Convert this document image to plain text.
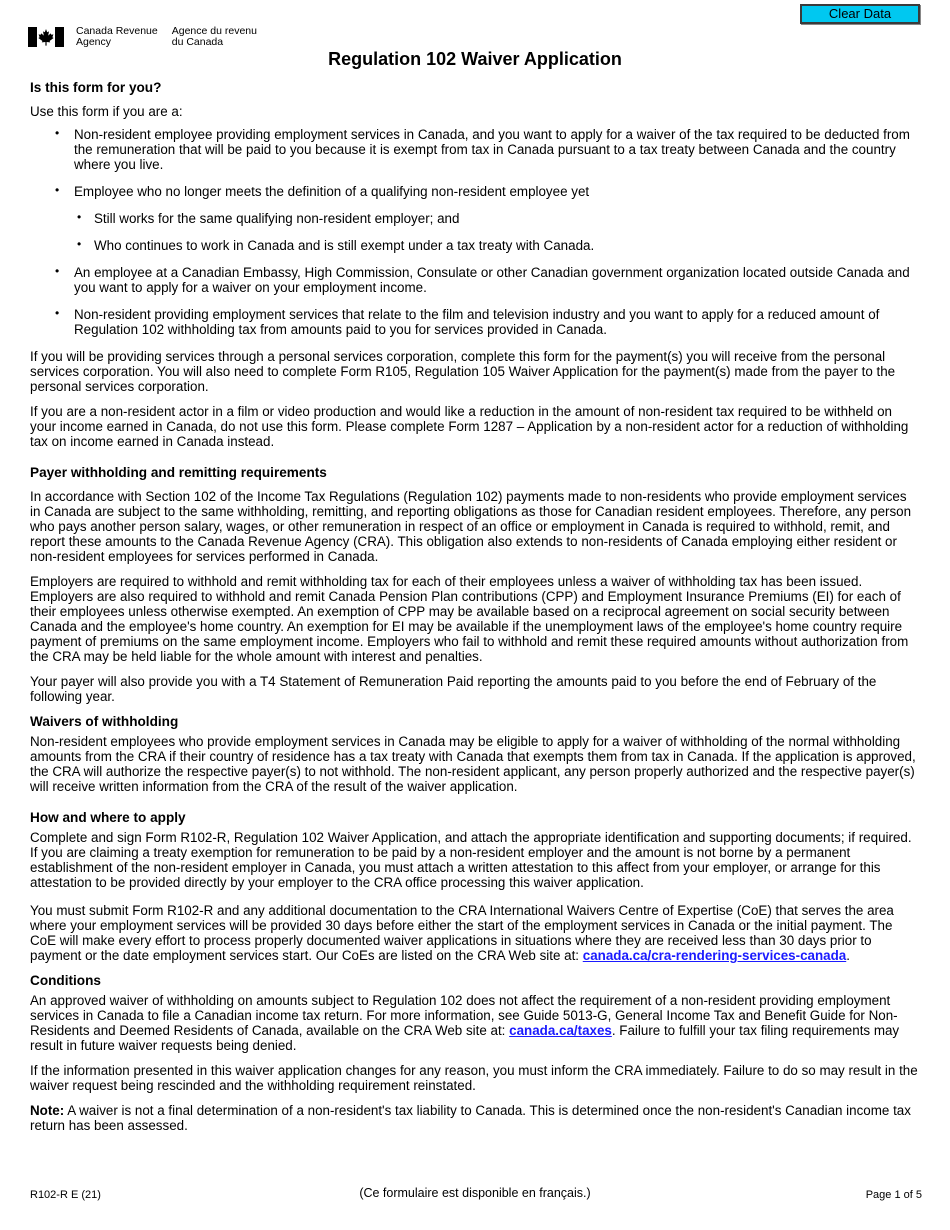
Canada Revenue
Agency
Agence du revenu
du Canada
Clear Data
Regulation 102 Waiver Application
Is this form for you?

Use this form if you are a:

• Non-resident employee providing employment services in Canada, and you want to apply for a waiver of the tax required to be deducted from the remuneration that will be paid to you because it is exempt from tax in Canada pursuant to a tax treaty between Canada and the country where you live.
• Employee who no longer meets the definition of a qualifying non-resident employee yet
• Still works for the same qualifying non-resident employer; and
• Who continues to work in Canada and is still exempt under a tax treaty with Canada.
• An employee at a Canadian Embassy, High Commission, Consulate or other Canadian government organization located outside Canada and you want to apply for a waiver on your employment income.
• Non-resident providing employment services that relate to the film and television industry and you want to apply for a reduced amount of Regulation 102 withholding tax from amounts paid to you for services provided in Canada.

If you will be providing services through a personal services corporation, complete this form for the payment(s) you will receive from the personal services corporation. You will also need to complete Form R105, Regulation 105 Waiver Application for the payment(s) made from the payer to the personal services corporation.

If you are a non-resident actor in a film or video production and would like a reduction in the amount of non-resident tax required to be withheld on your income earned in Canada, do not use this form. Please complete Form 1287 – Application by a non-resident actor for a reduction of withholding tax on income earned in Canada instead.

Payer withholding and remitting requirements

In accordance with Section 102 of the Income Tax Regulations (Regulation 102) payments made to non-residents who provide employment services in Canada are subject to the same withholding, remitting, and reporting obligations as those for Canadian resident employees. Therefore, any person who pays another person salary, wages, or other remuneration in respect of an office or employment in Canada is required to withhold, remit, and report these amounts to the Canada Revenue Agency (CRA). This obligation also extends to non-residents of Canada employing either resident or non-resident employees for services performed in Canada.

Employers are required to withhold and remit withholding tax for each of their employees unless a waiver of withholding tax has been issued. Employers are also required to withhold and remit Canada Pension Plan contributions (CPP) and Employment Insurance Premiums (EI) for each of their employees unless otherwise exempted. An exemption of CPP may be available based on a reciprocal agreement on social security between Canada and the employee's home country. An exemption for EI may be available if the unemployment laws of the employee's home country require payment of premiums on the same employment income. Employers who fail to withhold and remit these required amounts without authorization from the CRA may be held liable for the whole amount with interest and penalties.

Your payer will also provide you with a T4 Statement of Remuneration Paid reporting the amounts paid to you before the end of February of the following year.

Waivers of withholding

Non-resident employees who provide employment services in Canada may be eligible to apply for a waiver of withholding of the normal withholding amounts from the CRA if their country of residence has a tax treaty with Canada that exempts them from tax in Canada. If the application is approved, the CRA will authorize the respective payer(s) to not withhold. The non-resident applicant, any person properly authorized and the respective payer(s) will receive written information from the CRA of the result of the waiver application.

How and where to apply

Complete and sign Form R102-R, Regulation 102 Waiver Application, and attach the appropriate identification and supporting documents; if required. If you are claiming a treaty exemption for remuneration to be paid by a non-resident employer and the amount is not borne by a permanent establishment of the non-resident employer in Canada, you must attach a written attestation to this affect from your employer, or arrange for this attestation to be provided directly by your employer to the CRA office processing this waiver application.

You must submit Form R102-R and any additional documentation to the CRA International Waivers Centre of Expertise (CoE) that serves the area where your employment services will be provided 30 days before either the start of the employment services in Canada or the initial payment. The CoE will make every effort to process properly documented waiver applications in situations where they are received less than 30 days prior to payment or the date employment services start. Our CoEs are listed on the CRA Web site at: canada.ca/cra-rendering-services-canada.

Conditions

An approved waiver of withholding on amounts subject to Regulation 102 does not affect the requirement of a non-resident providing employment services in Canada to file a Canadian income tax return. For more information, see Guide 5013-G, General Income Tax and Benefit Guide for Non-Residents and Deemed Residents of Canada, available on the CRA Web site at: canada.ca/taxes. Failure to fulfill your tax filing requirements may result in future waiver requests being denied.

If the information presented in this waiver application changes for any reason, you must inform the CRA immediately. Failure to do so may result in the waiver request being rescinded and the withholding requirement reinstated.

Note: A waiver is not a final determination of a non-resident's tax liability to Canada. This is determined once the non-resident's Canadian income tax return has been assessed.

R102-R E (21)	(Ce formulaire est disponible en français.)	Page 1 of 5
